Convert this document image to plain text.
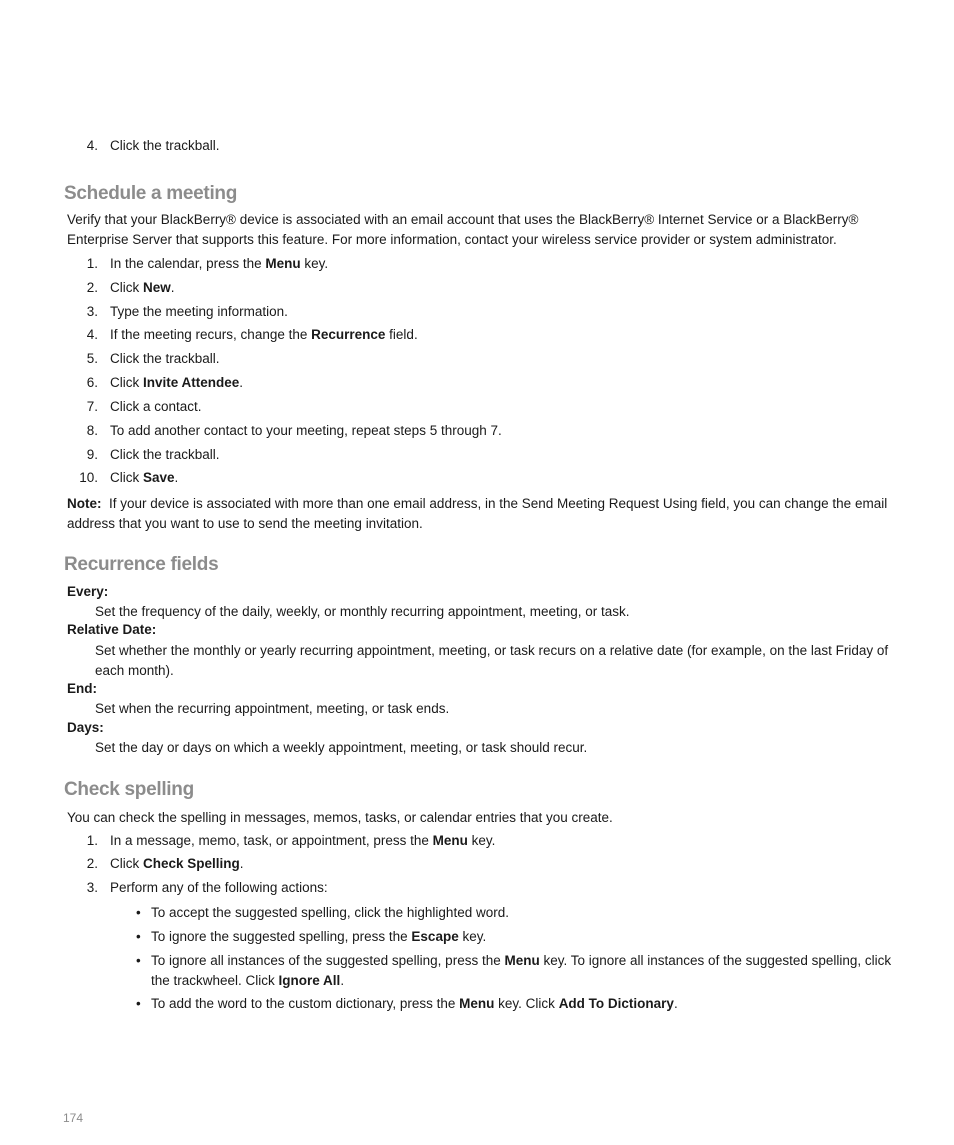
4. Click the trackball.
Schedule a meeting
Verify that your BlackBerry® device is associated with an email account that uses the BlackBerry® Internet Service or a BlackBerry® Enterprise Server that supports this feature. For more information, contact your wireless service provider or system administrator.
1. In the calendar, press the Menu key.
2. Click New.
3. Type the meeting information.
4. If the meeting recurs, change the Recurrence field.
5. Click the trackball.
6. Click Invite Attendee.
7. Click a contact.
8. To add another contact to your meeting, repeat steps 5 through 7.
9. Click the trackball.
10. Click Save.
Note: If your device is associated with more than one email address, in the Send Meeting Request Using field, you can change the email address that you want to use to send the meeting invitation.
Recurrence fields
Every:
Set the frequency of the daily, weekly, or monthly recurring appointment, meeting, or task.
Relative Date:
Set whether the monthly or yearly recurring appointment, meeting, or task recurs on a relative date (for example, on the last Friday of each month).
End:
Set when the recurring appointment, meeting, or task ends.
Days:
Set the day or days on which a weekly appointment, meeting, or task should recur.
Check spelling
You can check the spelling in messages, memos, tasks, or calendar entries that you create.
1. In a message, memo, task, or appointment, press the Menu key.
2. Click Check Spelling.
3. Perform any of the following actions:
• To accept the suggested spelling, click the highlighted word.
• To ignore the suggested spelling, press the Escape key.
• To ignore all instances of the suggested spelling, press the Menu key. To ignore all instances of the suggested spelling, click the trackwheel. Click Ignore All.
• To add the word to the custom dictionary, press the Menu key. Click Add To Dictionary.
174
